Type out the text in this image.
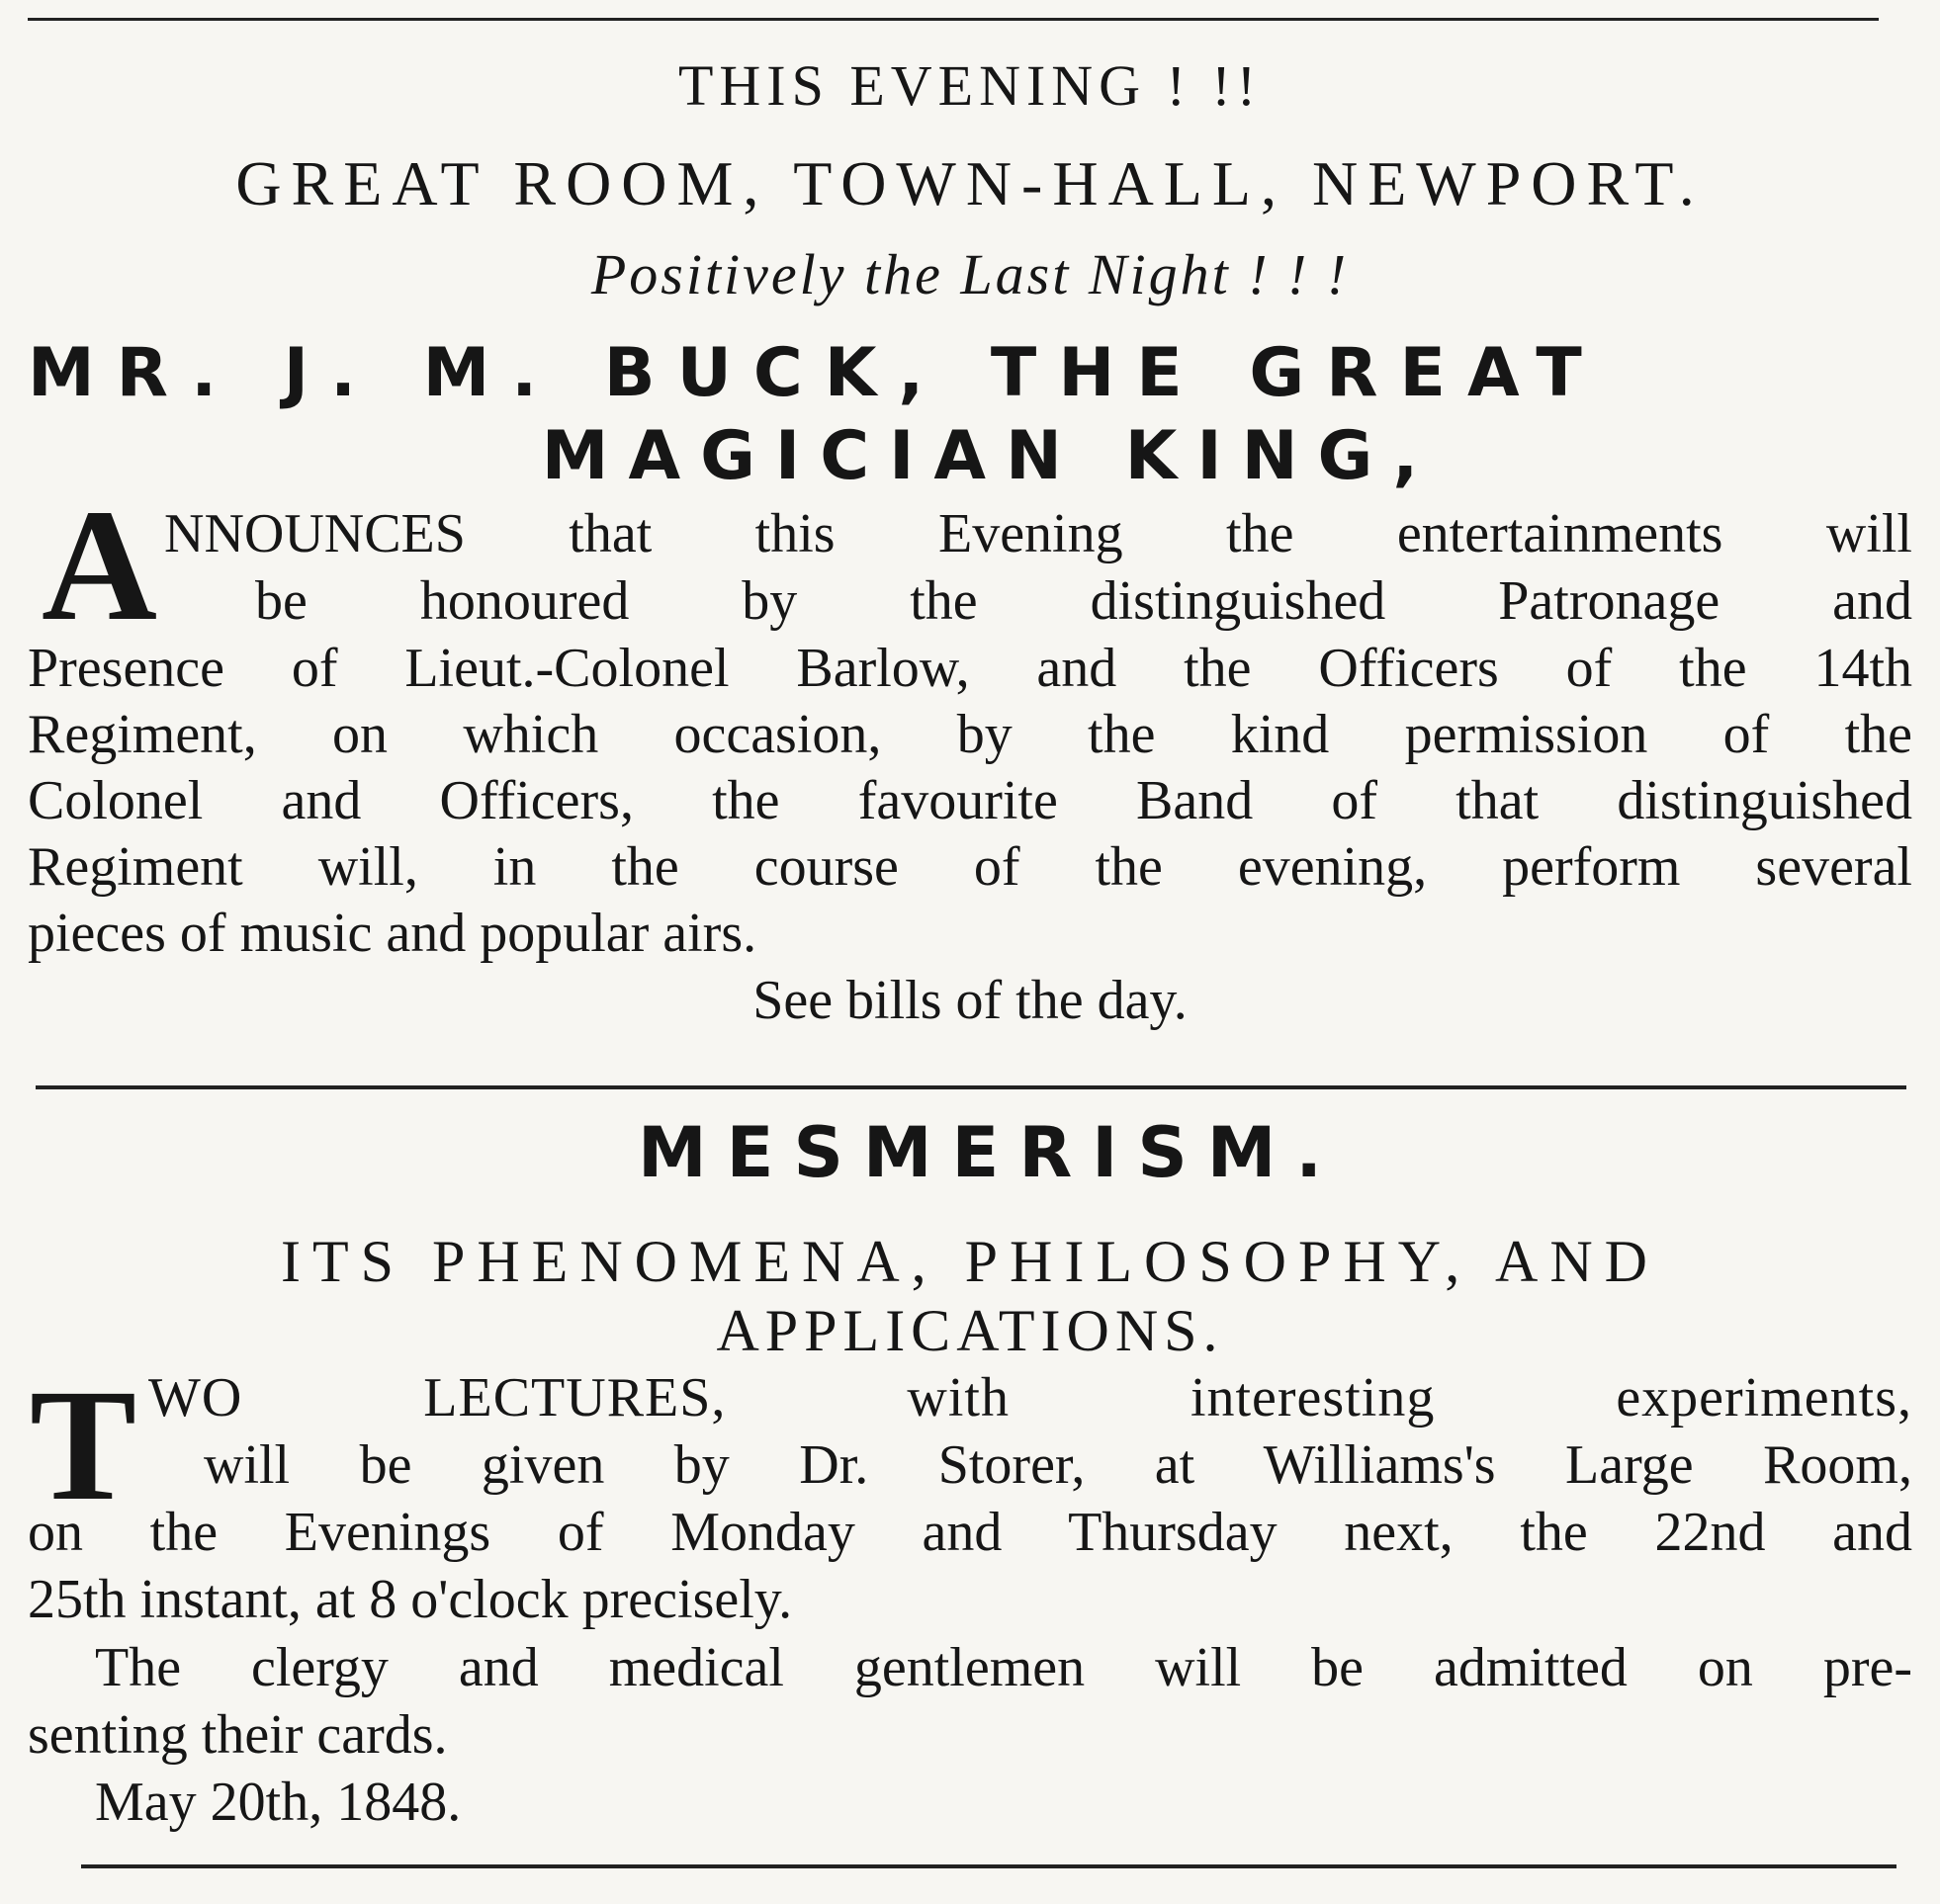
THIS EVENING ! !!
GREAT ROOM, TOWN-HALL, NEWPORT.
Positively the Last Night ! ! !
MR. J. M. BUCK, THE GREAT
MAGICIAN KING,
A NNOUNCES that this Evening the entertainments will
be honoured by the distinguished Patronage and
Presence of Lieut.-Colonel Barlow, and the Officers of the 14th
Regiment, on which occasion, by the kind permission of the
Colonel and Officers, the favourite Band of that distinguished
Regiment will, in the course of the evening, perform several
pieces of music and popular airs.
See bills of the day.
MESMERISM.
ITS PHENOMENA, PHILOSOPHY, AND
APPLICATIONS.
T WO LECTURES, with interesting experiments,
will be given by Dr. Storer, at Williams's Large Room,
on the Evenings of Monday and Thursday next, the 22nd and
25th instant, at 8 o'clock precisely.
The clergy and medical gentlemen will be admitted on pre-
senting their cards.
May 20th, 1848.
